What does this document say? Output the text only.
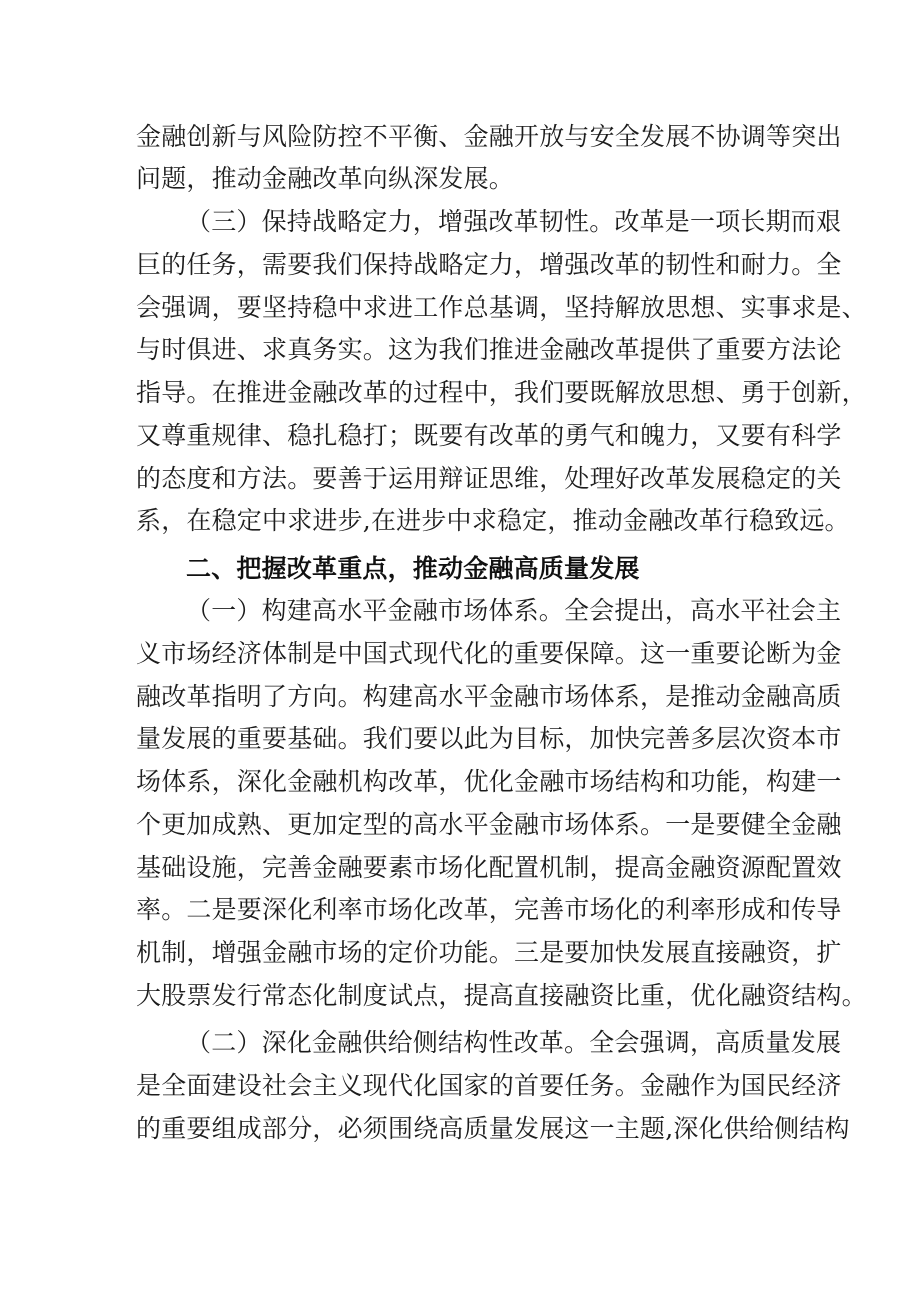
金融创新与风险防控不平衡、金融开放与安全发展不协调等突出
问题，推动金融改革向纵深发展。
（三）保持战略定力，增强改革韧性。改革是一项长期而艰
巨的任务，需要我们保持战略定力，增强改革的韧性和耐力。全
会强调，要坚持稳中求进工作总基调，坚持解放思想、实事求是、
与时俱进、求真务实。这为我们推进金融改革提供了重要方法论
指导。在推进金融改革的过程中，我们要既解放思想、勇于创新，
又尊重规律、稳扎稳打；既要有改革的勇气和魄力，又要有科学
的态度和方法。要善于运用辩证思维，处理好改革发展稳定的关
系，在稳定中求进步,在进步中求稳定，推动金融改革行稳致远。
二、把握改革重点，推动金融高质量发展
（一）构建高水平金融市场体系。全会提出，高水平社会主
义市场经济体制是中国式现代化的重要保障。这一重要论断为金
融改革指明了方向。构建高水平金融市场体系，是推动金融高质
量发展的重要基础。我们要以此为目标，加快完善多层次资本市
场体系，深化金融机构改革，优化金融市场结构和功能，构建一
个更加成熟、更加定型的高水平金融市场体系。一是要健全金融
基础设施，完善金融要素市场化配置机制，提高金融资源配置效
率。二是要深化利率市场化改革，完善市场化的利率形成和传导
机制，增强金融市场的定价功能。三是要加快发展直接融资，扩
大股票发行常态化制度试点，提高直接融资比重，优化融资结构。
（二）深化金融供给侧结构性改革。全会强调，高质量发展
是全面建设社会主义现代化国家的首要任务。金融作为国民经济
的重要组成部分，必须围绕高质量发展这一主题,深化供给侧结构
